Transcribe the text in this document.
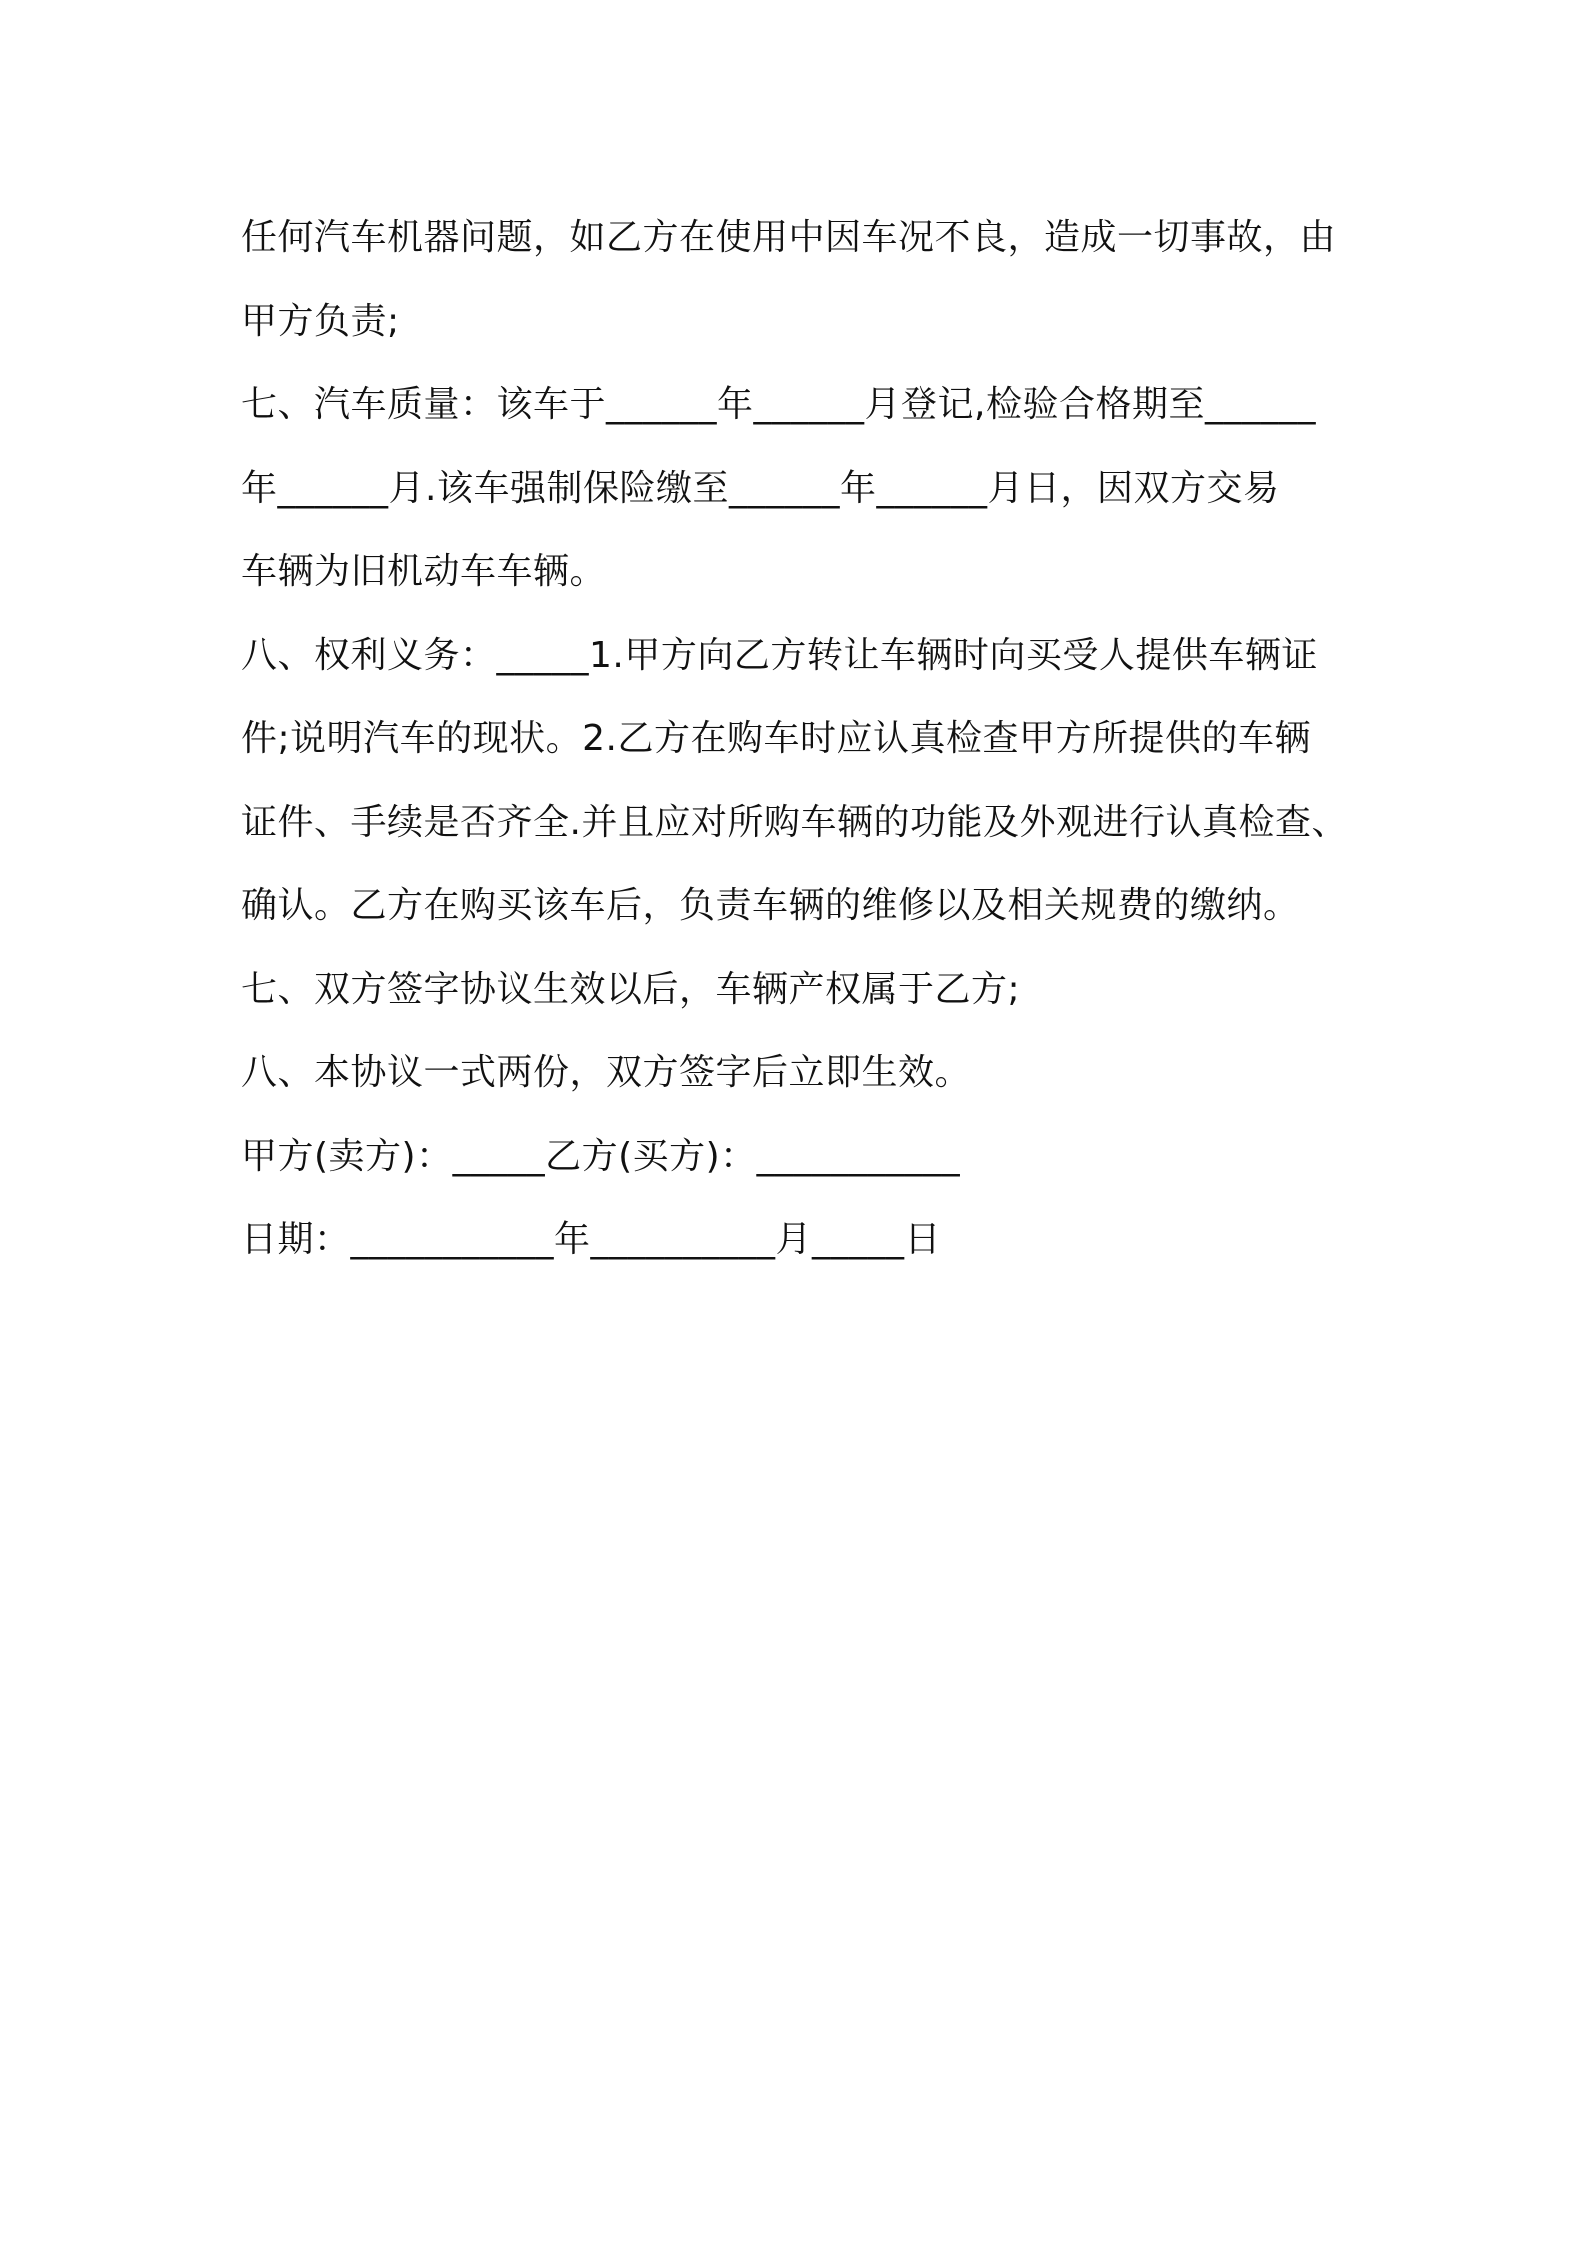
任何汽车机器问题，如乙方在使用中因车况不良，造成一切事故，由
甲方负责;
七、汽车质量：该车于______年______月登记,检验合格期至______
年______月.该车强制保险缴至______年______月日，因双方交易
车辆为旧机动车车辆。
八、权利义务：_____1.甲方向乙方转让车辆时向买受人提供车辆证
件;说明汽车的现状。2.乙方在购车时应认真检查甲方所提供的车辆
证件、手续是否齐全.并且应对所购车辆的功能及外观进行认真检查、
确认。乙方在购买该车后，负责车辆的维修以及相关规费的缴纳。
七、双方签字协议生效以后，车辆产权属于乙方;
八、本协议一式两份，双方签字后立即生效。
甲方(卖方)：_____乙方(买方)：___________
日期：___________年__________月_____日
